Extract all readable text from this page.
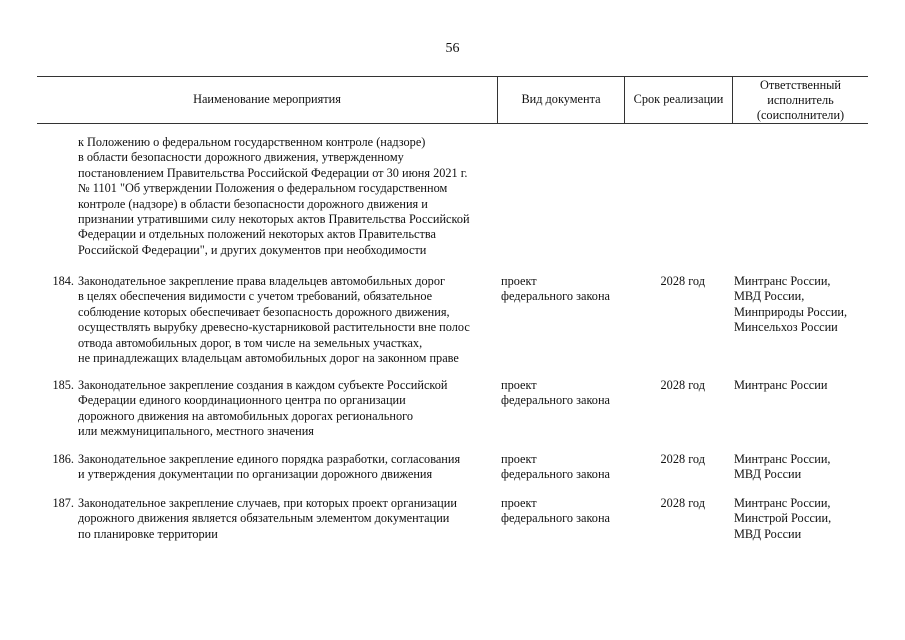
56
Наименование мероприятия	Вид документа	Срок реализации
Ответственный
исполнитель
(соисполнители)
к Положению о федеральном государственном контроле (надзоре)
в области безопасности дорожного движения, утвержденному
постановлением Правительства Российской Федерации от 30 июня 2021 г.
№ 1101 "Об утверждении Положения о федеральном государственном
контроле (надзоре) в области безопасности дорожного движения и
признании утратившими силу некоторых актов Правительства Российской
Федерации и отдельных положений некоторых актов Правительства
Российской Федерации", и других документов при необходимости
184. Законодательное закрепление права владельцев автомобильных дорог
в целях обеспечения видимости с учетом требований, обязательное
соблюдение которых обеспечивает безопасность дорожного движения,
осуществлять вырубку древесно-кустарниковой растительности вне полос
отвода автомобильных дорог, в том числе на земельных участках,
не принадлежащих владельцам автомобильных дорог на законном праве
проект
федерального закона
2028 год Минтранс России,
МВД России,
Минприроды России,
Минсельхоз России
185. Законодательное закрепление создания в каждом субъекте Российской
Федерации единого координационного центра по организации
дорожного движения на автомобильных дорогах регионального
или межмуниципального, местного значения
проект
федерального закона
2028 год Минтранс России
186. Законодательное закрепление единого порядка разработки, согласования
и утверждения документации по организации дорожного движения
проект
федерального закона
2028 год Минтранс России,
МВД России
187. Законодательное закрепление случаев, при которых проект организации
дорожного движения является обязательным элементом документации
по планировке территории
проект
федерального закона
2028 год Минтранс России,
Минстрой России,
МВД России
